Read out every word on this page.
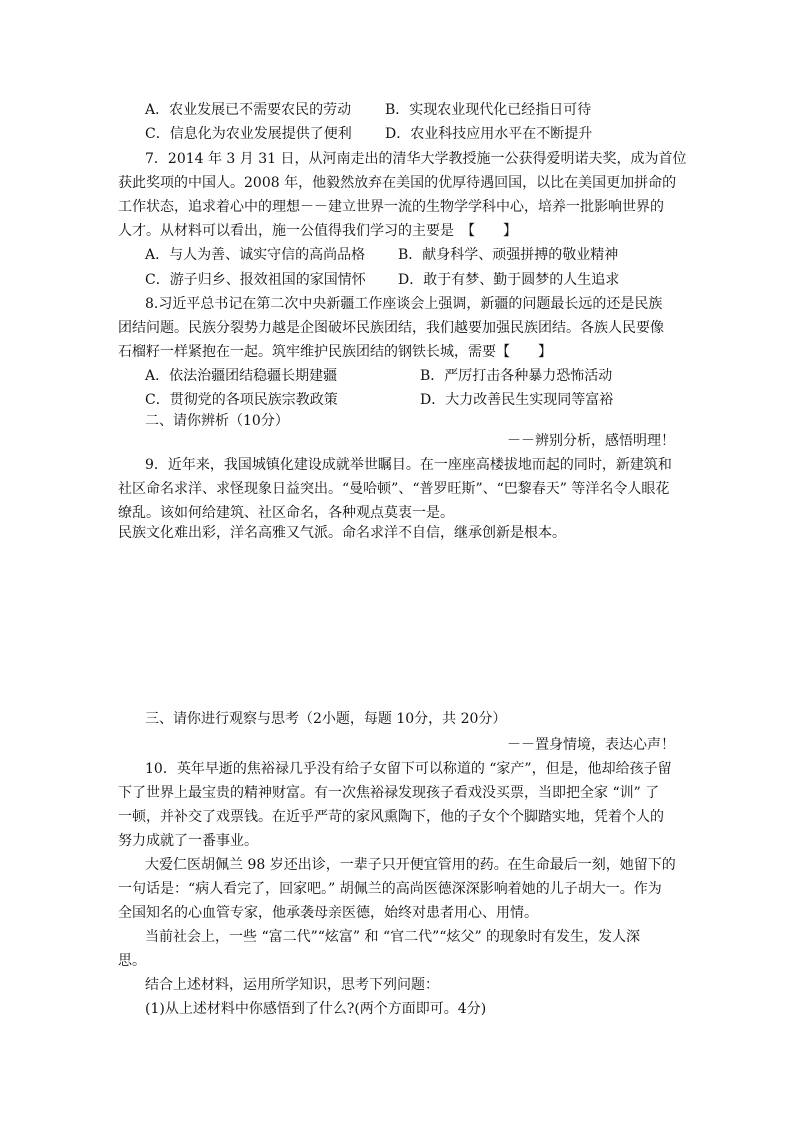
A．农业发展已不需要农民的劳动 B．实现农业现代化已经指日可待
C．信息化为农业发展提供了便利 D．农业科技应用水平在不断提升
7．2014 年 3 月 31 日，从河南走出的清华大学教授施一公获得爱明诺夫奖，成为首位
获此奖项的中国人。2008 年，他毅然放弃在美国的优厚待遇回国，以比在美国更加拼命的
工作状态，追求着心中的理想－－建立世界一流的生物学学科中心，培养一批影响世界的
人才。从材料可以看出，施一公值得我们学习的主要是　【　　】
A．与人为善、诚实守信的高尚品格 B．献身科学、顽强拼搏的敬业精神
C．游子归乡、报效祖国的家国情怀 D．敢于有梦、勤于圆梦的人生追求
8.习近平总书记在第二次中央新疆工作座谈会上强调，新疆的问题最长远的还是民族
团结问题。民族分裂势力越是企图破坏民族团结，我们越要加强民族团结。各族人民要像
石榴籽一样紧抱在一起。筑牢维护民族团结的钢铁长城，需要【　　】
A．依法治疆团结稳疆长期建疆	B．严厉打击各种暴力恐怖活动
C．贯彻党的各项民族宗教政策	D．大力改善民生实现同等富裕
二、请你辨析（10分）
－－辨别分析，感悟明理！
9．近年来，我国城镇化建设成就举世瞩目。在一座座高楼拔地而起的同时，新建筑和
社区命名求洋、求怪现象日益突出。“曼哈顿”、“普罗旺斯”、“巴黎春天” 等洋名令人眼花
缭乱。该如何给建筑、社区命名，各种观点莫衷一是。
民族文化难出彩，洋名高雅又气派。命名求洋不自信，继承创新是根本。
三、请你进行观察与思考（2小题，每题 10分，共 20分）
－－置身情境，表达心声！
10．英年早逝的焦裕禄几乎没有给子女留下可以称道的 “家产”，但是，他却给孩子留
下了世界上最宝贵的精神财富。有一次焦裕禄发现孩子看戏没买票，当即把全家 “训” 了
一顿，并补交了戏票钱。在近乎严苛的家风熏陶下，他的子女个个脚踏实地，凭着个人的
努力成就了一番事业。
大爱仁医胡佩兰 98 岁还出诊，一辈子只开便宜管用的药。在生命最后一刻，她留下的
一句话是：“病人看完了，回家吧。” 胡佩兰的高尚医德深深影响着她的儿子胡大一。作为
全国知名的心血管专家，他承袭母亲医德，始终对患者用心、用情。
当前社会上，一些 “富二代”“炫富” 和 “官二代”“炫父” 的现象时有发生，发人深
思。
结合上述材料，运用所学知识，思考下列问题：
(1)从上述材料中你感悟到了什么?(两个方面即可。4分)
